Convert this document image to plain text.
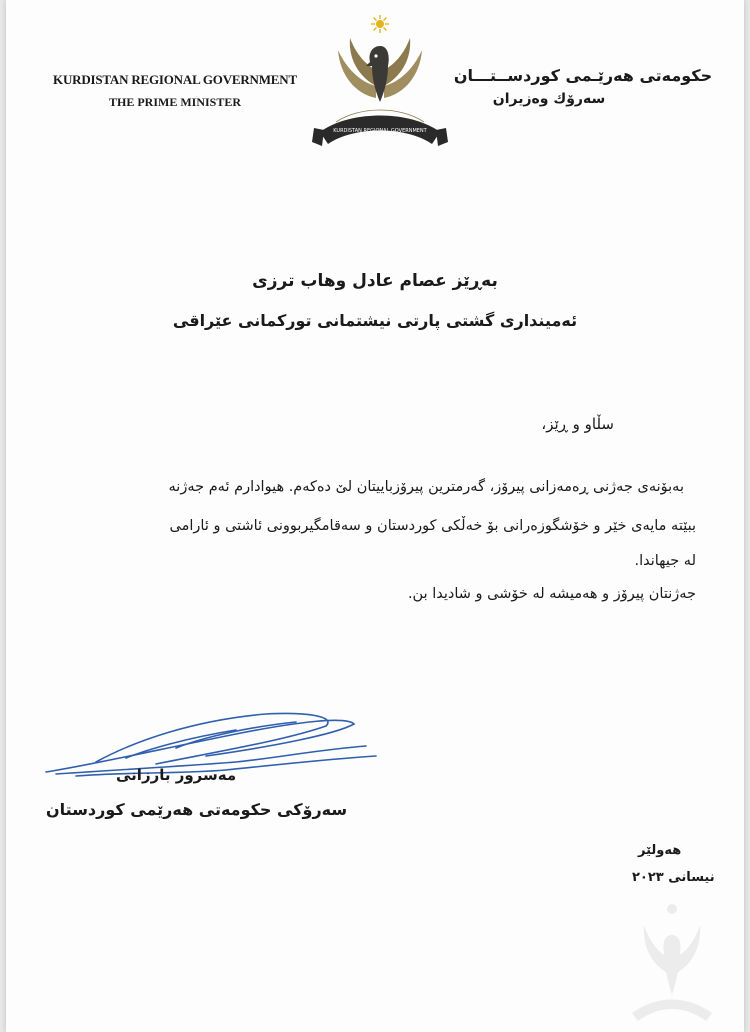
KURDISTAN REGIONAL GOVERNMENT
THE PRIME MINISTER
حکومەتی هەرێـمی کوردســتـــان
سەرۆك وەزیران
KURDISTAN REGIONAL GOVERNMENT
بەڕێز عصام عادل وهاب ترزی
ئەمینداری گشتی پارتی نیشتمانی تورکمانی عێراقی
سڵاو و ڕێز،
بەبۆنەی جەژنی ڕەمەزانی پیرۆز، گەرمترین پیرۆزباییتان لێ دەکەم. هیوادارم ئەم جەژنە
ببێتە مایەی خێر و خۆشگوزەرانی بۆ خەڵکی کوردستان و سەقامگیربوونی ئاشتی و ئارامی
لە جیهاندا.
جەژنتان پیرۆز و هەمیشە لە خۆشی و شادیدا بن.
مەسرور بارزانی
سەرۆکی حکومەتی هەرێمی کوردستان
هەولێر
نیسانی ٢٠٢٣
